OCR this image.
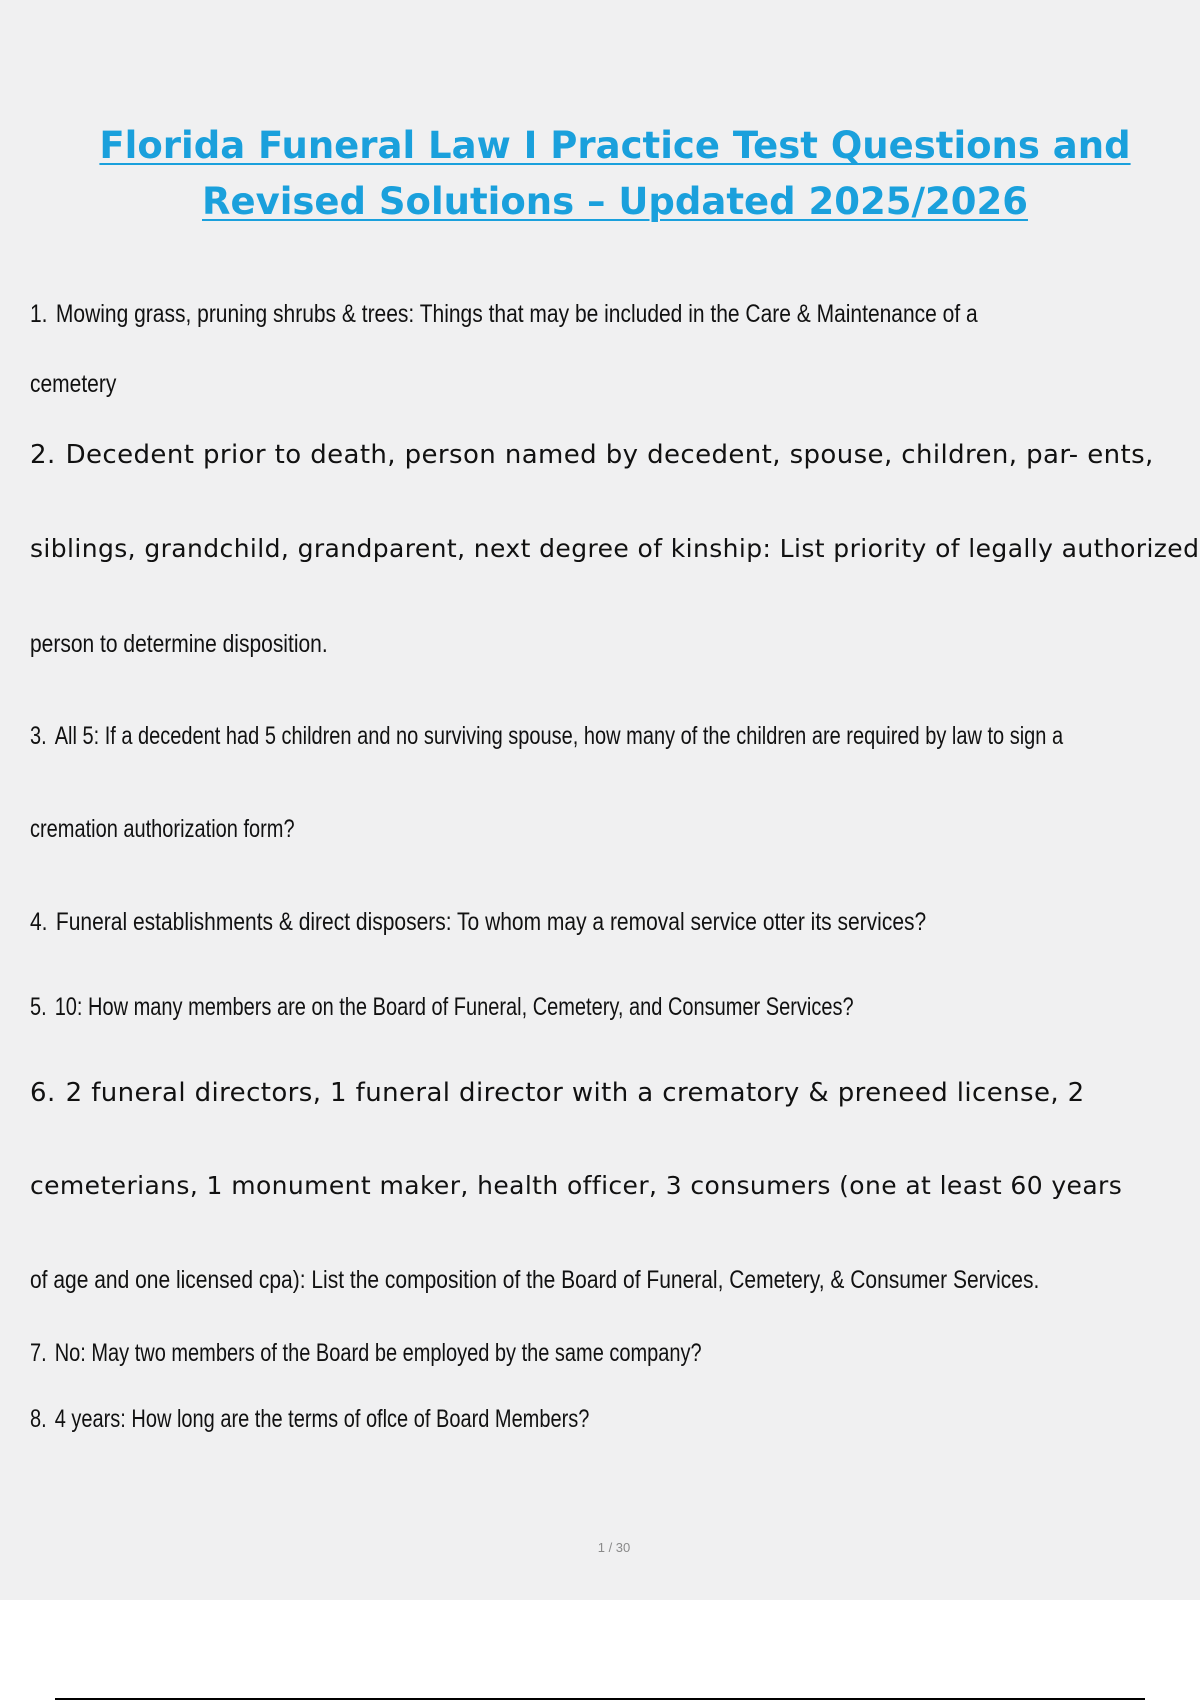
Florida Funeral Law I Practice Test Questions and
Revised Solutions – Updated 2025/2026

1. Mowing grass, pruning shrubs & trees: Things that may be included in the Care & Maintenance of a

cemetery

2. Decedent prior to death, person named by decedent, spouse, children, par- ents,

siblings, grandchild, grandparent, next degree of kinship: List priority of legally authorized

person to determine disposition.

3. All 5: If a decedent had 5 children and no surviving spouse, how many of the children are required by law to sign a

cremation authorization form?

4. Funeral establishments & direct disposers: To whom may a removal service otter its services?

5. 10: How many members are on the Board of Funeral, Cemetery, and Consumer Services?

6. 2 funeral directors, 1 funeral director with a crematory & preneed license, 2

cemeterians, 1 monument maker, health officer, 3 consumers (one at least 60 years

of age and one licensed cpa): List the composition of the Board of Funeral, Cemetery, & Consumer Services.

7. No: May two members of the Board be employed by the same company?

8. 4 years: How long are the terms of oflce of Board Members?

1 / 30
